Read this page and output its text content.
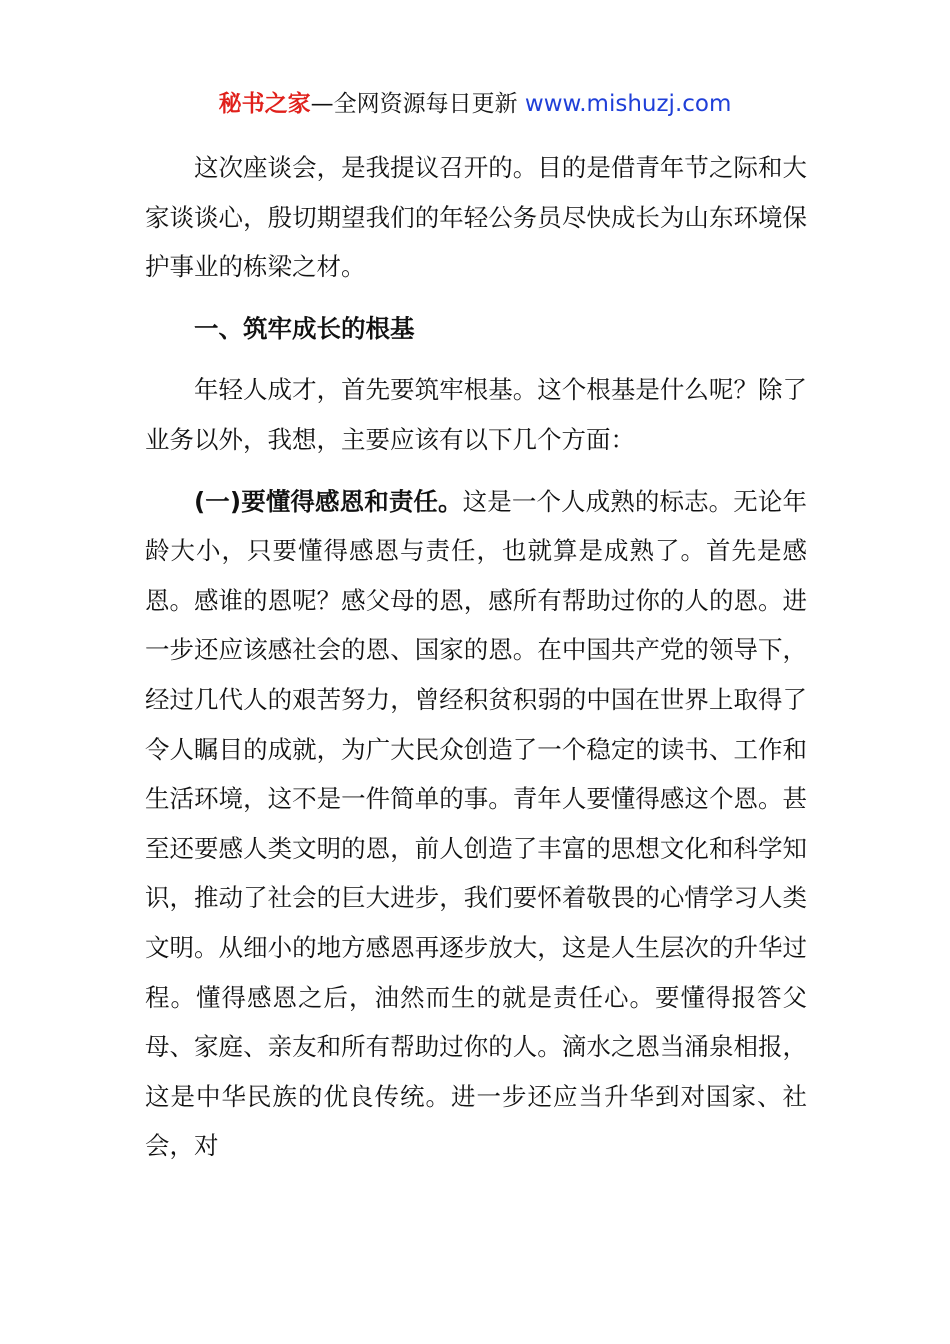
秘书之家—全网资源每日更新 www.mishuzj.com

这次座谈会，是我提议召开的。目的是借青年节之际和大家谈谈心，殷切期望我们的年轻公务员尽快成长为山东环境保护事业的栋梁之材。

一、筑牢成长的根基

年轻人成才，首先要筑牢根基。这个根基是什么呢？除了业务以外，我想，主要应该有以下几个方面：

(一)要懂得感恩和责任。这是一个人成熟的标志。无论年龄大小，只要懂得感恩与责任，也就算是成熟了。首先是感恩。感谁的恩呢？感父母的恩，感所有帮助过你的人的恩。进一步还应该感社会的恩、国家的恩。在中国共产党的领导下，经过几代人的艰苦努力，曾经积贫积弱的中国在世界上取得了令人瞩目的成就，为广大民众创造了一个稳定的读书、工作和生活环境，这不是一件简单的事。青年人要懂得感这个恩。甚至还要感人类文明的恩，前人创造了丰富的思想文化和科学知识，推动了社会的巨大进步，我们要怀着敬畏的心情学习人类文明。从细小的地方感恩再逐步放大，这是人生层次的升华过程。懂得感恩之后，油然而生的就是责任心。要懂得报答父母、家庭、亲友和所有帮助过你的人。滴水之恩当涌泉相报，这是中华民族的优良传统。进一步还应当升华到对国家、社会，对
